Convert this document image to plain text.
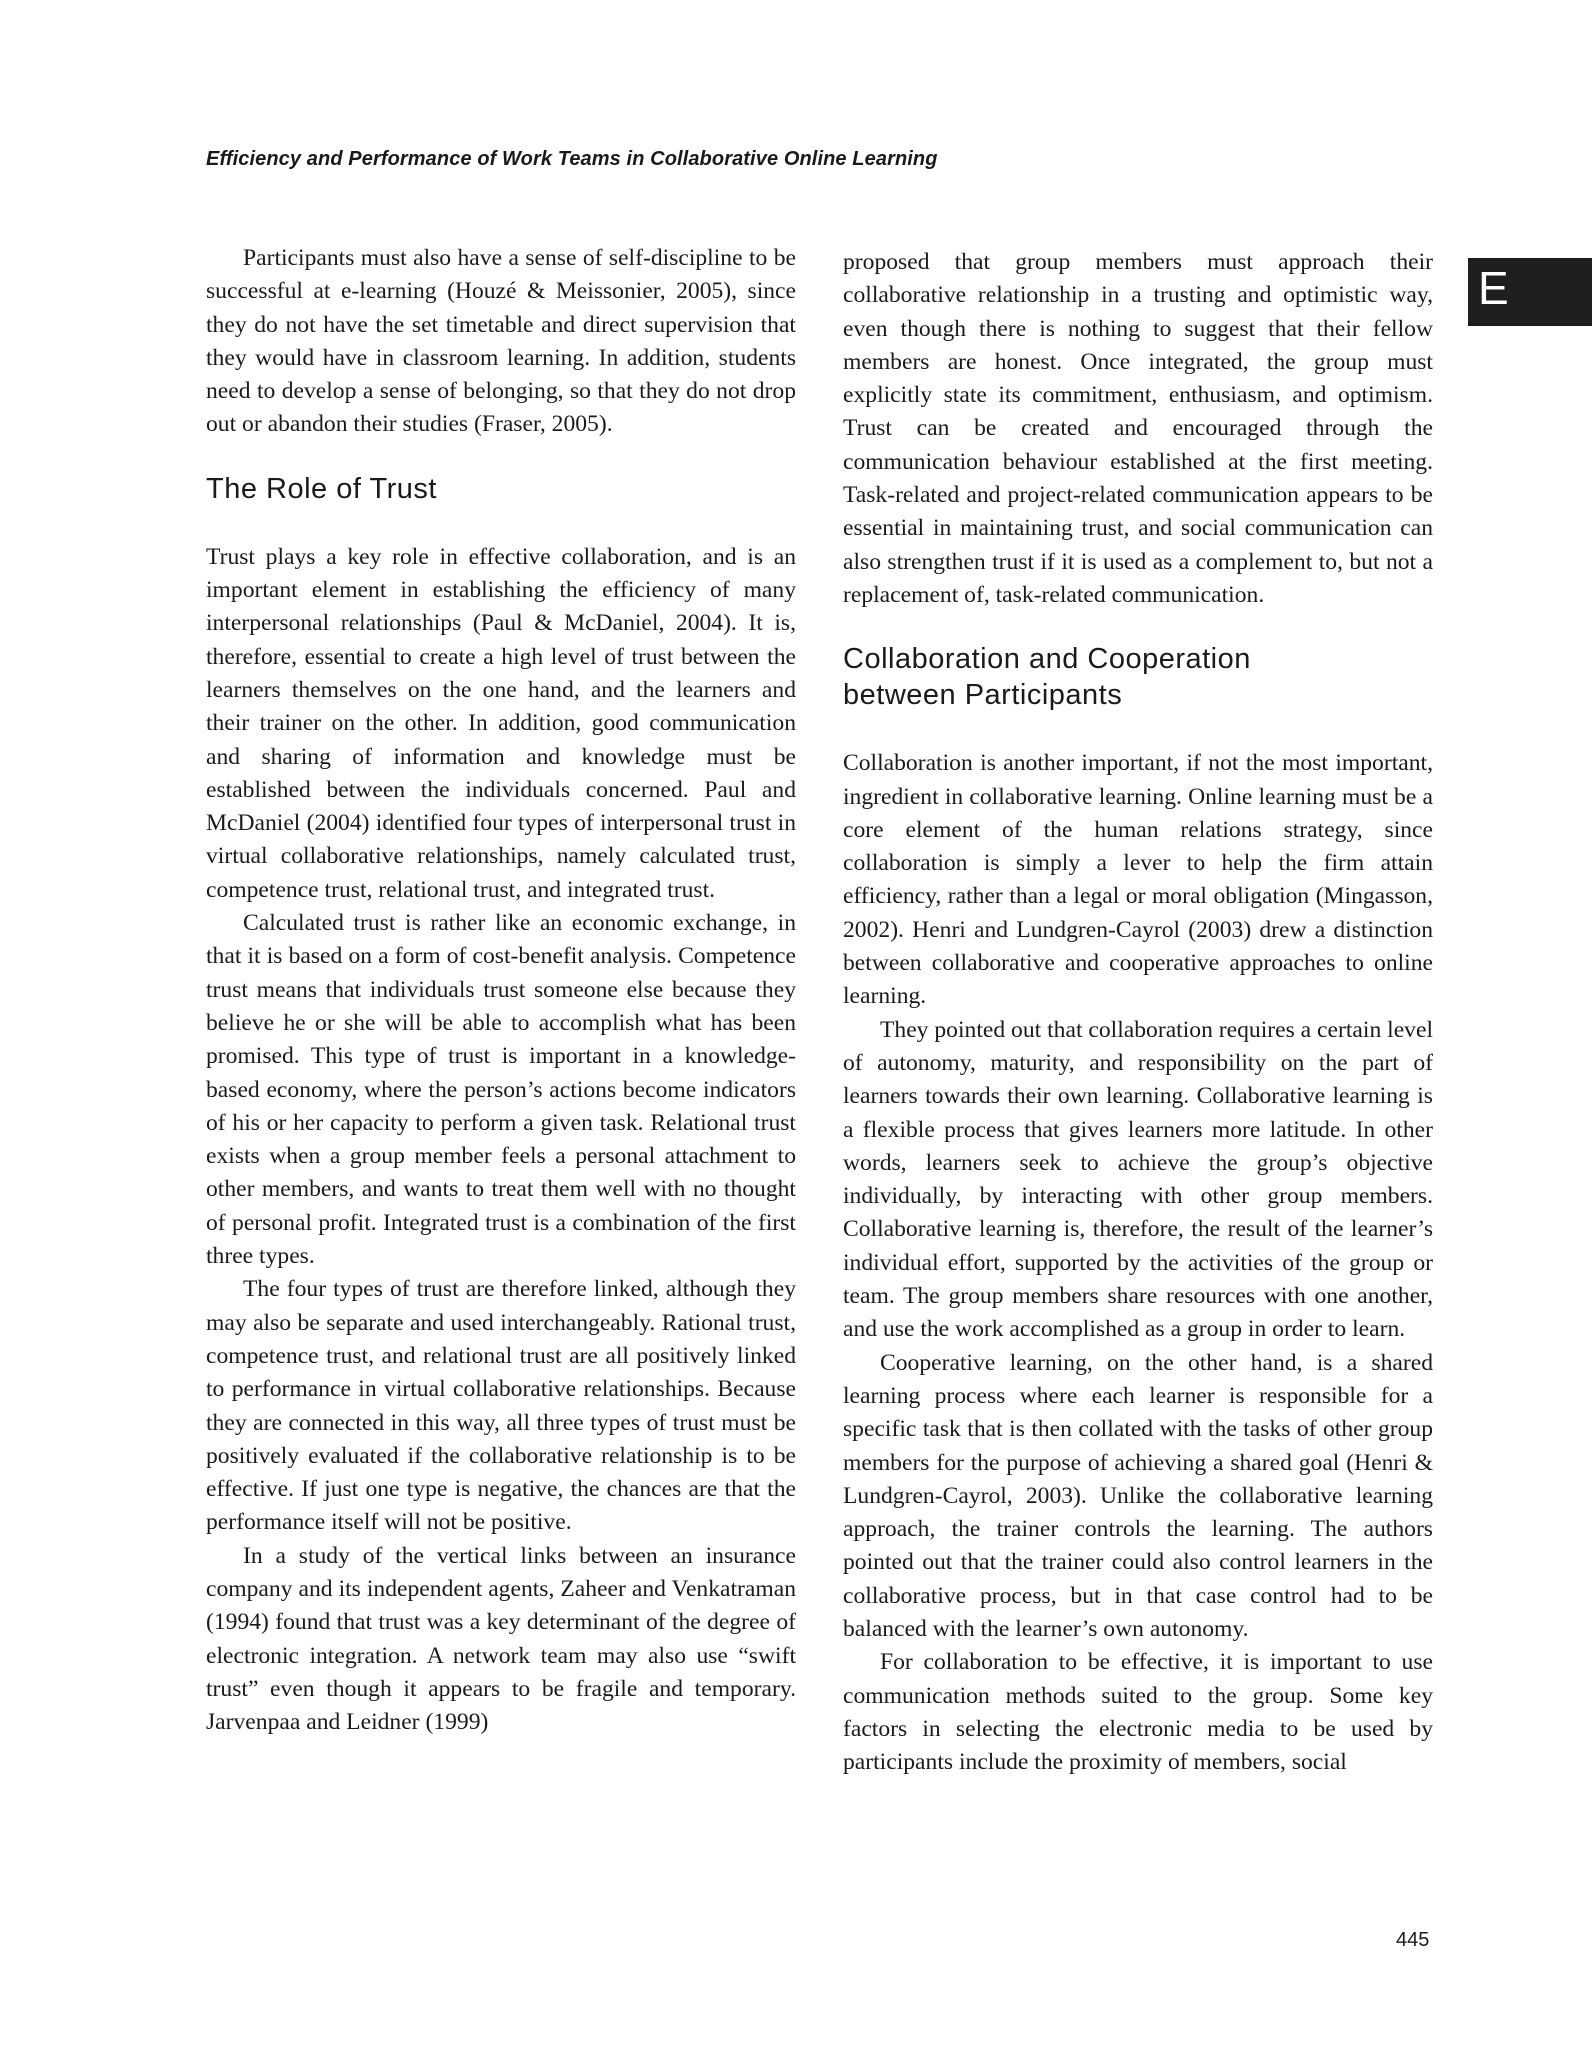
Efficiency and Performance of Work Teams in Collaborative Online Learning
E

Participants must also have a sense of self-discipline to be successful at e-learning (Houzé & Meissonier, 2005), since they do not have the set timetable and direct supervision that they would have in classroom learning. In addition, students need to develop a sense of belonging, so that they do not drop out or abandon their studies (Fraser, 2005).

The Role of Trust

Trust plays a key role in effective collaboration, and is an important element in establishing the efficiency of many interpersonal relationships (Paul & McDaniel, 2004). It is, therefore, essential to create a high level of trust between the learners themselves on the one hand, and the learners and their trainer on the other. In addition, good communication and sharing of information and knowledge must be established between the individuals concerned. Paul and McDaniel (2004) identified four types of interpersonal trust in virtual collaborative relationships, namely calculated trust, competence trust, relational trust, and integrated trust.

Calculated trust is rather like an economic exchange, in that it is based on a form of cost-benefit analysis. Competence trust means that individuals trust someone else because they believe he or she will be able to accomplish what has been promised. This type of trust is important in a knowledge-based economy, where the person’s actions become indicators of his or her capacity to perform a given task. Relational trust exists when a group member feels a personal attachment to other members, and wants to treat them well with no thought of personal profit. Integrated trust is a combination of the first three types.

The four types of trust are therefore linked, although they may also be separate and used interchangeably. Rational trust, competence trust, and relational trust are all positively linked to performance in virtual collaborative relationships. Because they are connected in this way, all three types of trust must be positively evaluated if the collaborative relationship is to be effective. If just one type is negative, the chances are that the performance itself will not be positive.

In a study of the vertical links between an insurance company and its independent agents, Zaheer and Venkatraman (1994) found that trust was a key determinant of the degree of electronic integration. A network team may also use “swift trust” even though it appears to be fragile and temporary. Jarvenpaa and Leidner (1999)

proposed that group members must approach their collaborative relationship in a trusting and optimistic way, even though there is nothing to suggest that their fellow members are honest. Once integrated, the group must explicitly state its commitment, enthusiasm, and optimism. Trust can be created and encouraged through the communication behaviour established at the first meeting. Task-related and project-related communication appears to be essential in maintaining trust, and social communication can also strengthen trust if it is used as a complement to, but not a replacement of, task-related communication.

Collaboration and Cooperation
between Participants

Collaboration is another important, if not the most important, ingredient in collaborative learning. Online learning must be a core element of the human relations strategy, since collaboration is simply a lever to help the firm attain efficiency, rather than a legal or moral obligation (Mingasson, 2002). Henri and Lundgren-Cayrol (2003) drew a distinction between collaborative and cooperative approaches to online learning.

They pointed out that collaboration requires a certain level of autonomy, maturity, and responsibility on the part of learners towards their own learning. Collaborative learning is a flexible process that gives learners more latitude. In other words, learners seek to achieve the group’s objective individually, by interacting with other group members. Collaborative learning is, therefore, the result of the learner’s individual effort, supported by the activities of the group or team. The group members share resources with one another, and use the work accomplished as a group in order to learn.

Cooperative learning, on the other hand, is a shared learning process where each learner is responsible for a specific task that is then collated with the tasks of other group members for the purpose of achieving a shared goal (Henri & Lundgren-Cayrol, 2003). Unlike the collaborative learning approach, the trainer controls the learning. The authors pointed out that the trainer could also control learners in the collaborative process, but in that case control had to be balanced with the learner’s own autonomy.

For collaboration to be effective, it is important to use communication methods suited to the group. Some key factors in selecting the electronic media to be used by participants include the proximity of members, social

445
